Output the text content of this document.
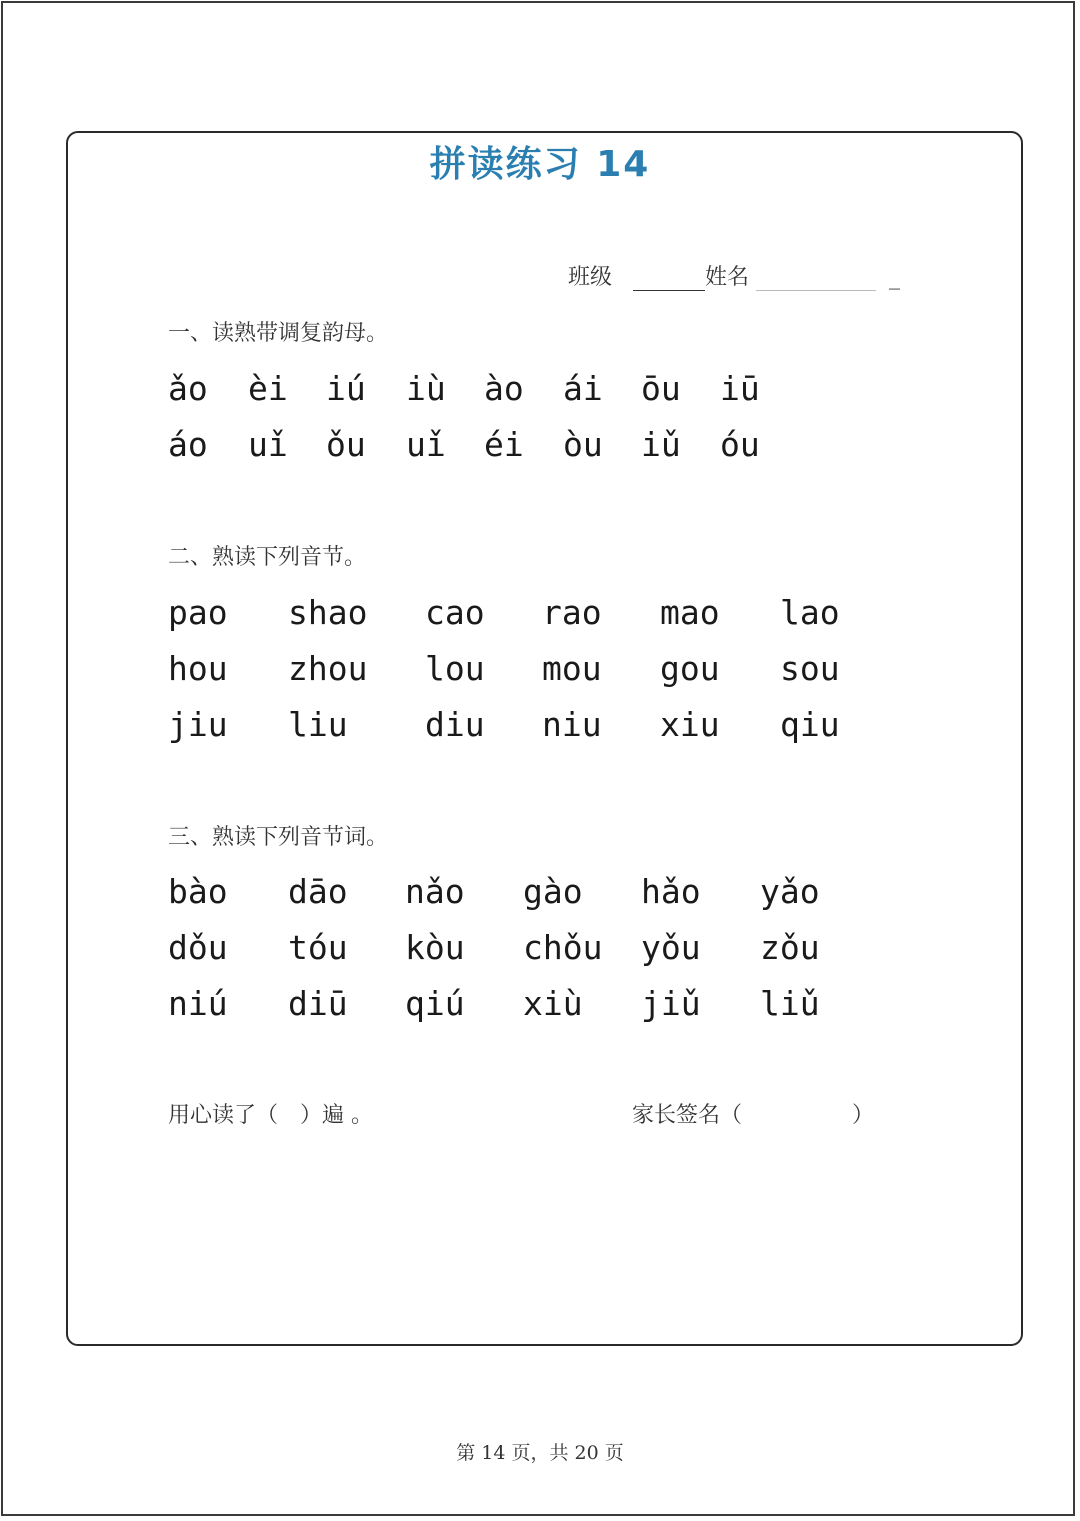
拼读练习 14
班级	姓名	_
一、读熟带调复韵母。
ǎo èi iú iù ào ái ōu iū
áo uǐ ǒu uǐ éi òu iǔ óu
二、熟读下列音节。
pao shao cao rao mao lao
hou zhou lou mou gou sou
jiu liu diu niu xiu qiu
三、熟读下列音节词。
bào dāo nǎo gào hǎo yǎo
dǒu tóu kòu chǒu yǒu zǒu
niú diū qiú xiù jiǔ liǔ
用心读了（　）遍 。	家长签名（　　　　　）
第 14 页，共 20 页
